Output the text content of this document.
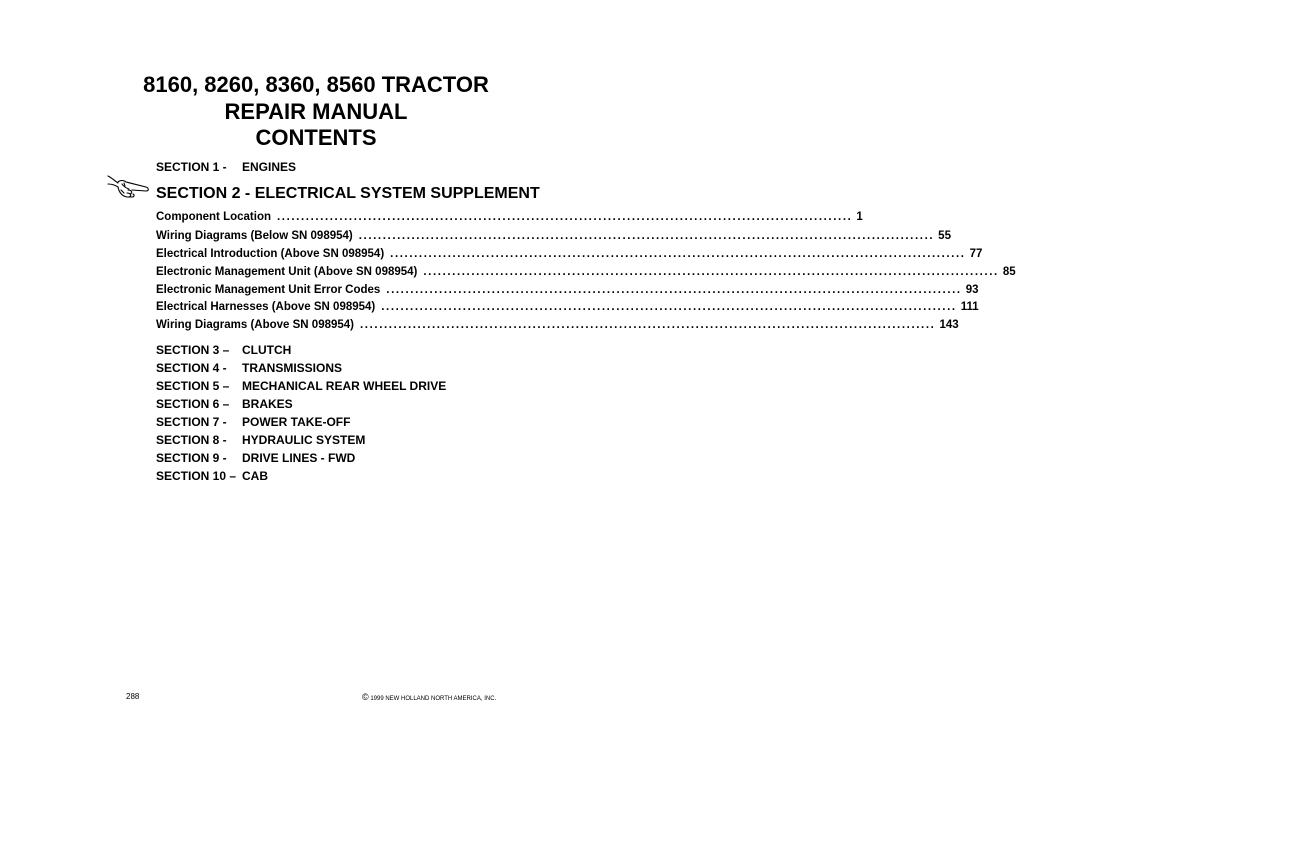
8160, 8260, 8360, 8560 TRACTOR
REPAIR MANUAL
CONTENTS
SECTION 1 - ENGINES
SECTION 2 - ELECTRICAL SYSTEM SUPPLEMENT
Component Location ........................................................................................................................ 1
Wiring Diagrams (Below SN 098954) ........................................................................................................................ 55
Electrical Introduction (Above SN 098954) ........................................................................................................................ 77
Electronic Management Unit (Above SN 098954) ........................................................................................................................ 85
Electronic Management Unit Error Codes ........................................................................................................................ 93
Electrical Harnesses (Above SN 098954) ........................................................................................................................ 111
Wiring Diagrams (Above SN 098954) ........................................................................................................................ 143
SECTION 3 – CLUTCH
SECTION 4 - TRANSMISSIONS
SECTION 5 – MECHANICAL REAR WHEEL DRIVE
SECTION 6 – BRAKES
SECTION 7 - POWER TAKE-OFF
SECTION 8 - HYDRAULIC SYSTEM
SECTION 9 - DRIVE LINES - FWD
SECTION 10 – CAB
288	© 1999 NEW HOLLAND NORTH AMERICA, INC.
